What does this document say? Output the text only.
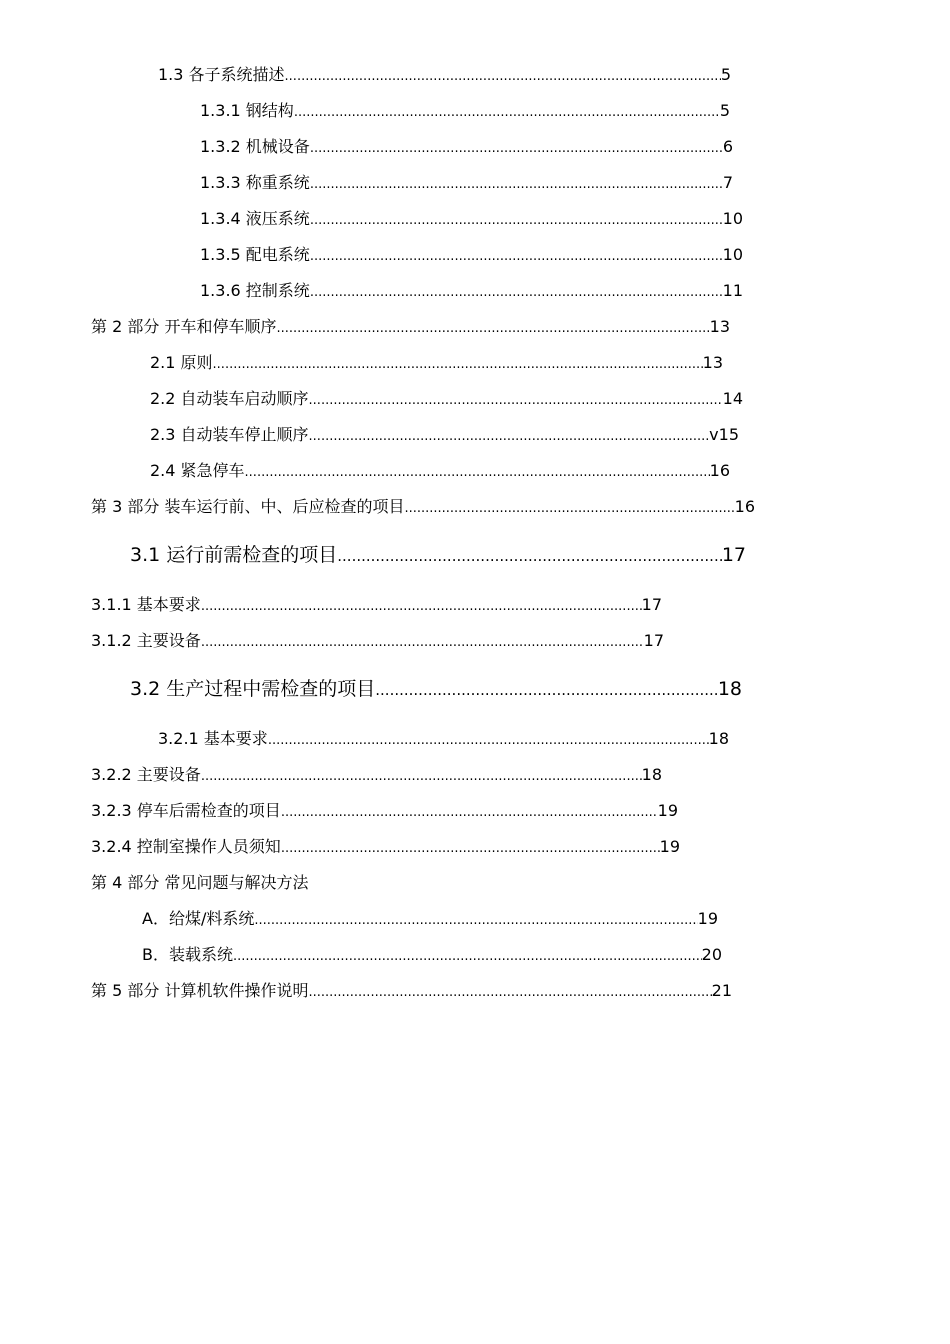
1.3 各子系统描述 .....	5
1.3.1 钢结构 .....	5
1.3.2 机械设备 .....	6
1.3.3 称重系统 .....	7
1.3.4 液压系统 .....	10
1.3.5 配电系统 .....	10
1.3.6 控制系统 .....	11
第 2 部分 开车和停车顺序 .....	13
2.1 原则 .....	13
2.2 自动装车启动顺序 .....	14
2.3 自动装车停止顺序 .....	v15
2.4 紧急停车 .....	16
第 3 部分 装车运行前、中、后应检查的项目 .....	16
3.1 运行前需检查的项目 .....	17
3.1.1 基本要求 .....	17
3.1.2 主要设备 .....	17
3.2 生产过程中需检查的项目 .....	18
3.2.1 基本要求 .....	18
3.2.2 主要设备 .....	18
3.2.3 停车后需检查的项目 .....	19
3.2.4 控制室操作人员须知 .....	19
第 4 部分 常见问题与解决方法
A．给煤/料系统 .....	19
B．装载系统 .....	20
第 5 部分 计算机软件操作说明 .....	21
